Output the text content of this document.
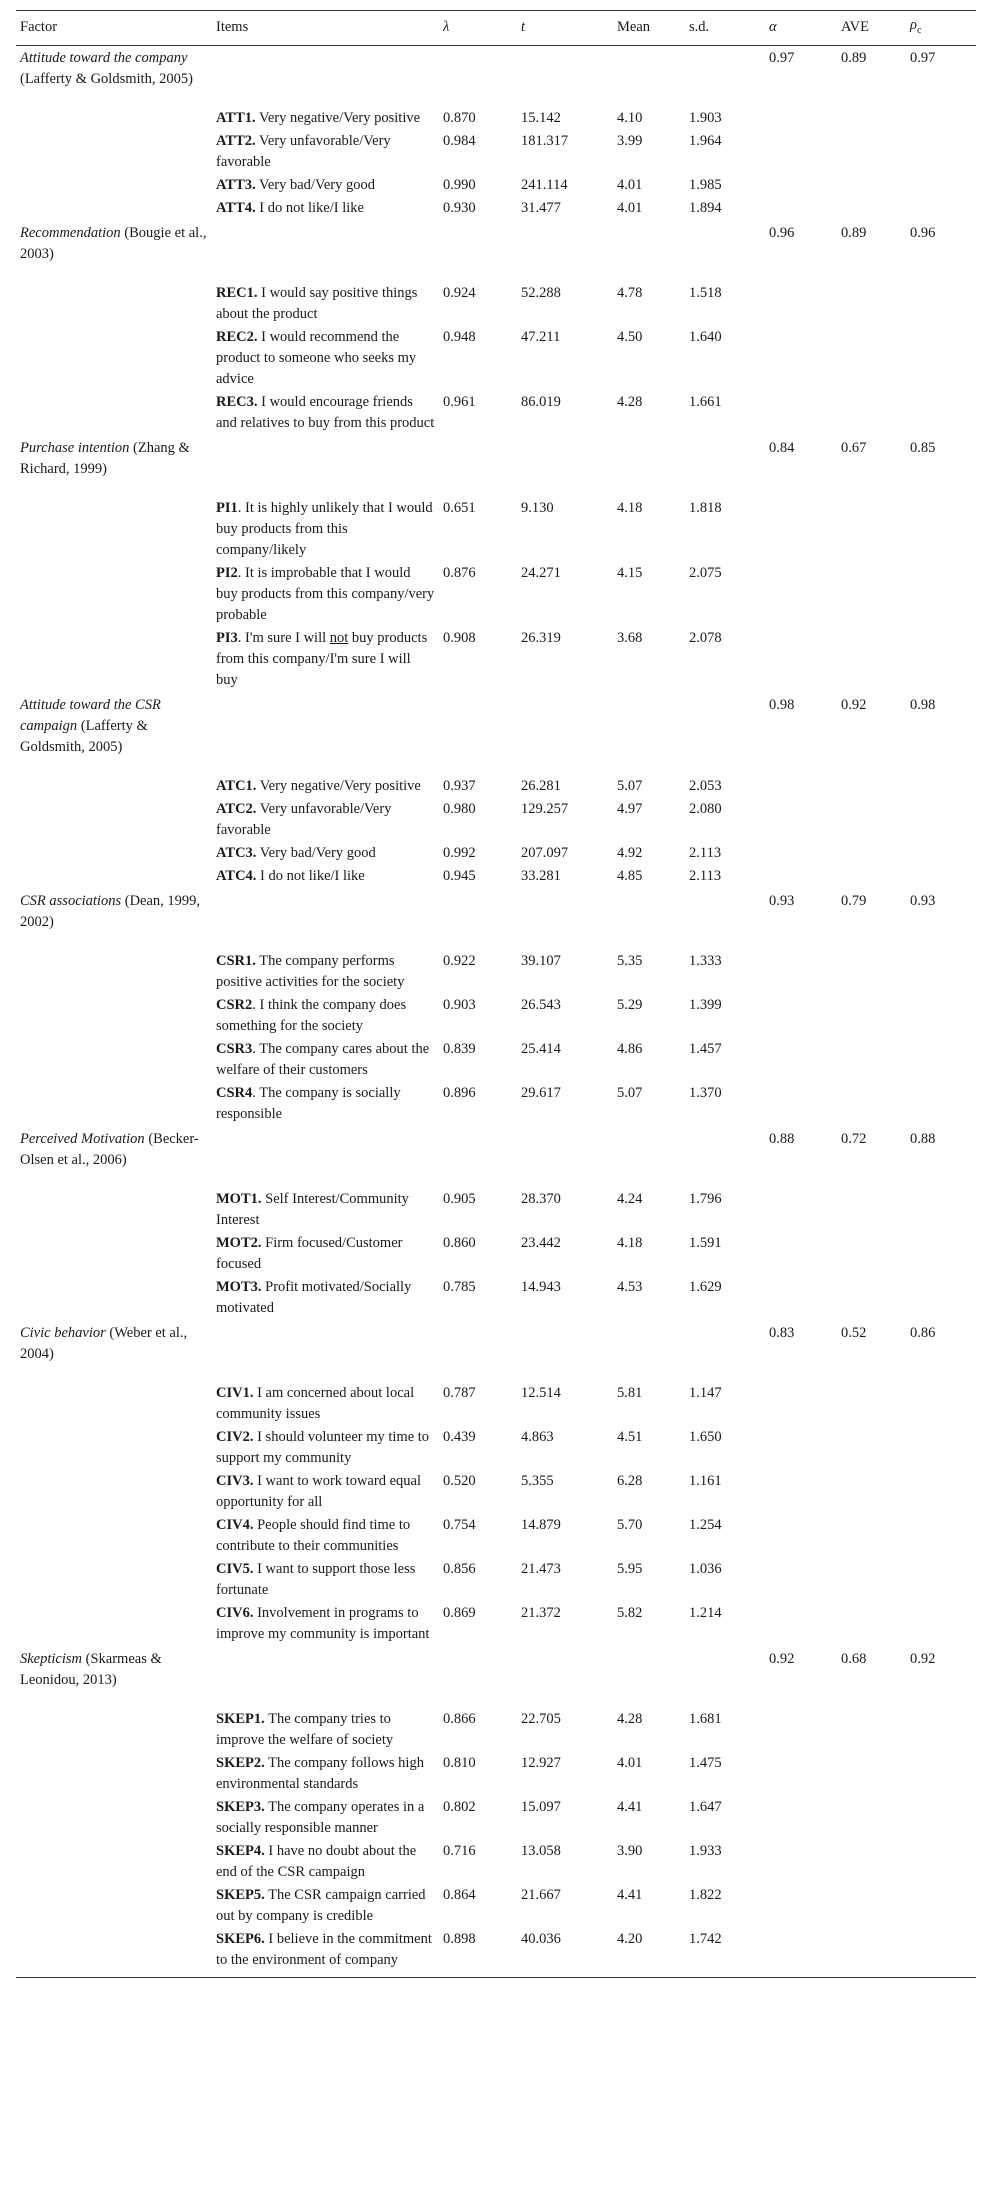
Factor	Items	λ	t	Mean	s.d.	α	AVE	$\rho_c$
Attitude toward the company (Lafferty & Goldsmith, 2005)						0.97	0.89	0.97
	ATT1. Very negative/Very positive	0.870	15.142	4.10	1.903			
	ATT2. Very unfavorable/Very favorable	0.984	181.317	3.99	1.964			
	ATT3. Very bad/Very good	0.990	241.114	4.01	1.985			
	ATT4. I do not like/I like	0.930	31.477	4.01	1.894			
Recommendation (Bougie et al., 2003)						0.96	0.89	0.96
	REC1. I would say positive things about the product	0.924	52.288	4.78	1.518			
	REC2. I would recommend the product to someone who seeks my advice	0.948	47.211	4.50	1.640			
	REC3. I would encourage friends and relatives to buy from this product	0.961	86.019	4.28	1.661			
Purchase intention (Zhang & Richard, 1999)						0.84	0.67	0.85
	PI1. It is highly unlikely that I would buy products from this company/likely	0.651	9.130	4.18	1.818			
	PI2. It is improbable that I would buy products from this company/very probable	0.876	24.271	4.15	2.075			
	PI3. I'm sure I will not buy products from this company/I'm sure I will buy	0.908	26.319	3.68	2.078			
Attitude toward the CSR campaign (Lafferty & Goldsmith, 2005)						0.98	0.92	0.98
	ATC1. Very negative/Very positive	0.937	26.281	5.07	2.053			
	ATC2. Very unfavorable/Very favorable	0.980	129.257	4.97	2.080			
	ATC3. Very bad/Very good	0.992	207.097	4.92	2.113			
	ATC4. I do not like/I like	0.945	33.281	4.85	2.113			
CSR associations (Dean, 1999, 2002)						0.93	0.79	0.93
	CSR1. The company performs positive activities for the society	0.922	39.107	5.35	1.333			
	CSR2. I think the company does something for the society	0.903	26.543	5.29	1.399			
	CSR3. The company cares about the welfare of their customers	0.839	25.414	4.86	1.457			
	CSR4. The company is socially responsible	0.896	29.617	5.07	1.370			
Perceived Motivation (Becker-Olsen et al., 2006)						0.88	0.72	0.88
	MOT1. Self Interest/Community Interest	0.905	28.370	4.24	1.796			
	MOT2. Firm focused/Customer focused	0.860	23.442	4.18	1.591			
	MOT3. Profit motivated/Socially motivated	0.785	14.943	4.53	1.629			
Civic behavior (Weber et al., 2004)						0.83	0.52	0.86
	CIV1. I am concerned about local community issues	0.787	12.514	5.81	1.147			
	CIV2. I should volunteer my time to support my community	0.439	4.863	4.51	1.650			
	CIV3. I want to work toward equal opportunity for all	0.520	5.355	6.28	1.161			
	CIV4. People should find time to contribute to their communities	0.754	14.879	5.70	1.254			
	CIV5. I want to support those less fortunate	0.856	21.473	5.95	1.036			
	CIV6. Involvement in programs to improve my community is important	0.869	21.372	5.82	1.214			
Skepticism (Skarmeas & Leonidou, 2013)						0.92	0.68	0.92
	SKEP1. The company tries to improve the welfare of society	0.866	22.705	4.28	1.681			
	SKEP2. The company follows high environmental standards	0.810	12.927	4.01	1.475			
	SKEP3. The company operates in a socially responsible manner	0.802	15.097	4.41	1.647			
	SKEP4. I have no doubt about the end of the CSR campaign	0.716	13.058	3.90	1.933			
	SKEP5. The CSR campaign carried out by company is credible	0.864	21.667	4.41	1.822			
	SKEP6. I believe in the commitment to the environment of company	0.898	40.036	4.20	1.742			
